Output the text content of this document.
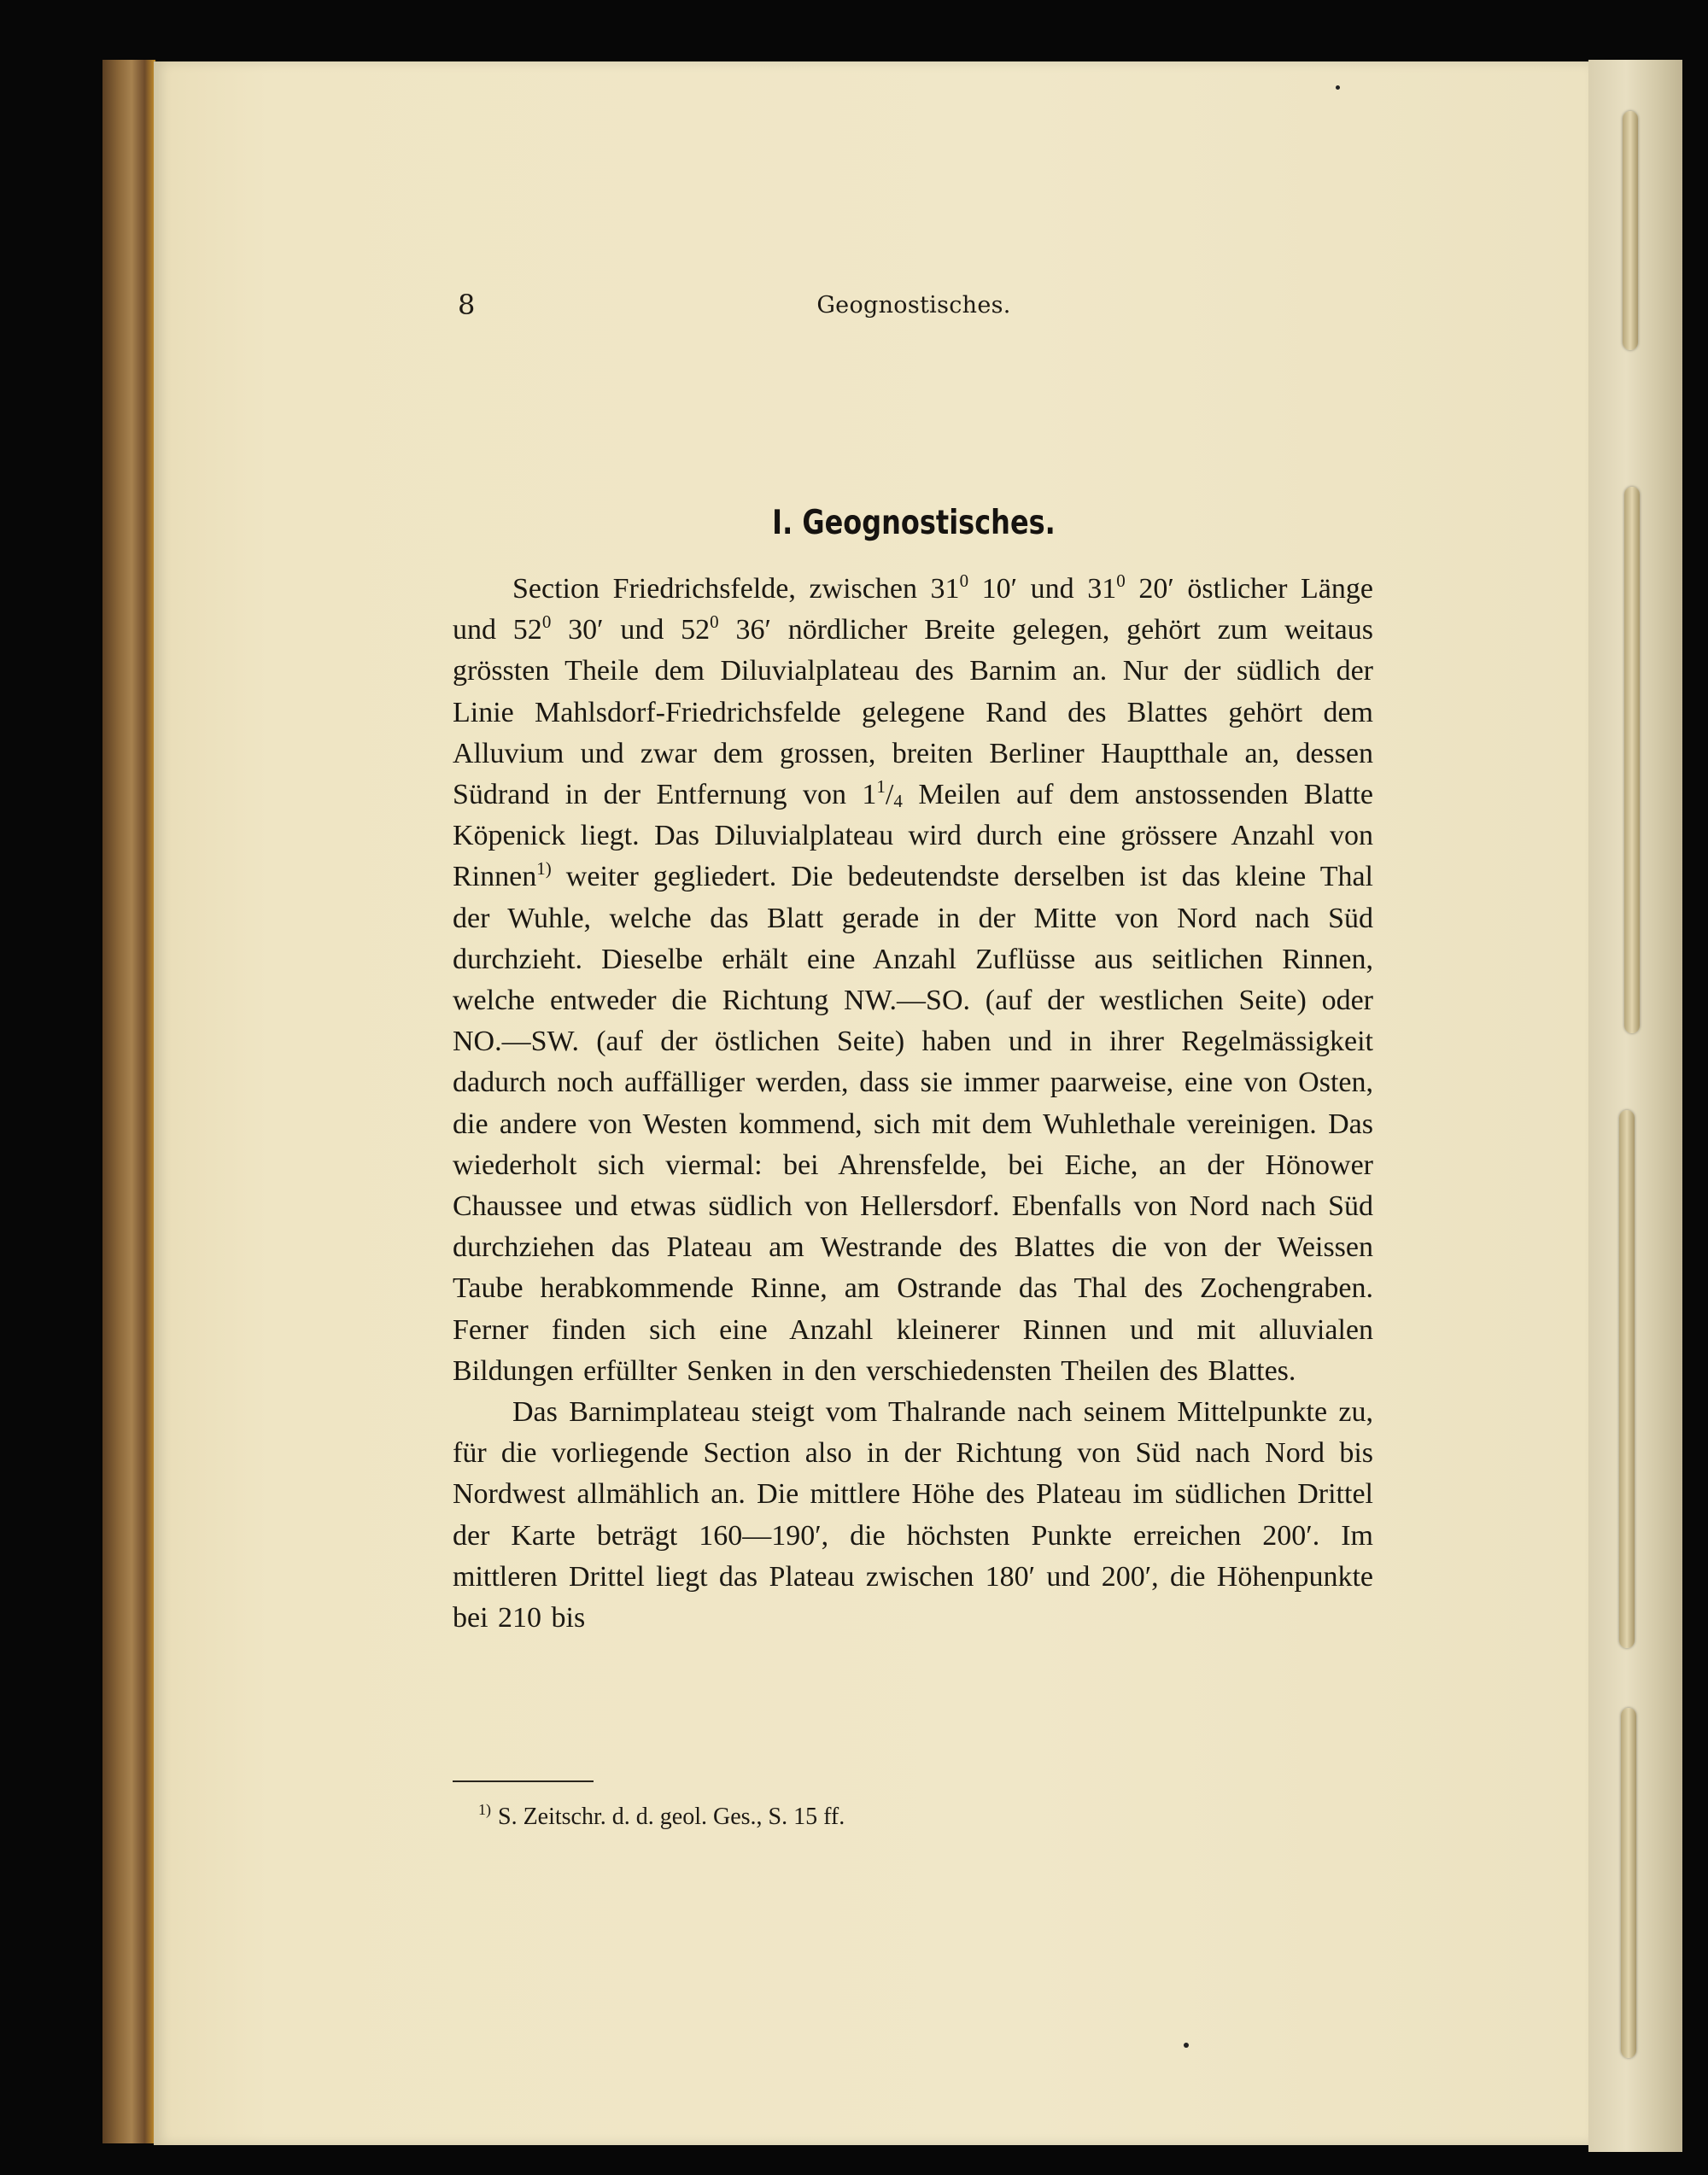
8	Geognostisches.
I. Geognostisches.

Section Friedrichsfelde, zwischen $31^0$ 10′ und $31^0$ 20′ östlicher Länge und $52^0$ 30′ und $52^0$ 36′ nördlicher Breite gelegen, gehört zum weitaus grössten Theile dem Diluvialplateau des Barnim an. Nur der südlich der Linie Mahlsdorf-Friedrichsfelde gelegene Rand des Blattes gehört dem Alluvium und zwar dem grossen, breiten Berliner Hauptthale an, dessen Südrand in der Entfernung von $1^1/_4$ Meilen auf dem anstossenden Blatte Köpenick liegt. Das Diluvialplateau wird durch eine grössere Anzahl von Rinnen$^{1)}$ weiter gegliedert. Die bedeutendste derselben ist das kleine Thal der Wuhle, welche das Blatt gerade in der Mitte von Nord nach Süd durchzieht. Dieselbe erhält eine Anzahl Zuflüsse aus seitlichen Rinnen, welche entweder die Richtung NW.—SO. (auf der westlichen Seite) oder NO.—SW. (auf der östlichen Seite) haben und in ihrer Regelmässigkeit dadurch noch auffälliger werden, dass sie immer paarweise, eine von Osten, die andere von Westen kommend, sich mit dem Wuhlethale vereinigen. Das wiederholt sich viermal: bei Ahrensfelde, bei Eiche, an der Hönower Chaussee und etwas südlich von Hellersdorf. Ebenfalls von Nord nach Süd durchziehen das Plateau am Westrande des Blattes die von der Weissen Taube herabkommende Rinne, am Ostrande das Thal des Zochengraben. Ferner finden sich eine Anzahl kleinerer Rinnen und mit alluvialen Bildungen erfüllter Senken in den verschiedensten Theilen des Blattes.

Das Barnimplateau steigt vom Thalrande nach seinem Mittelpunkte zu, für die vorliegende Section also in der Richtung von Süd nach Nord bis Nordwest allmählich an. Die mittlere Höhe des Plateau im südlichen Drittel der Karte beträgt 160—190′, die höchsten Punkte erreichen 200′. Im mittleren Drittel liegt das Plateau zwischen 180′ und 200′, die Höhenpunkte bei 210 bis

$^{1)}$ S. Zeitschr. d. d. geol. Ges., S. 15 ff.
